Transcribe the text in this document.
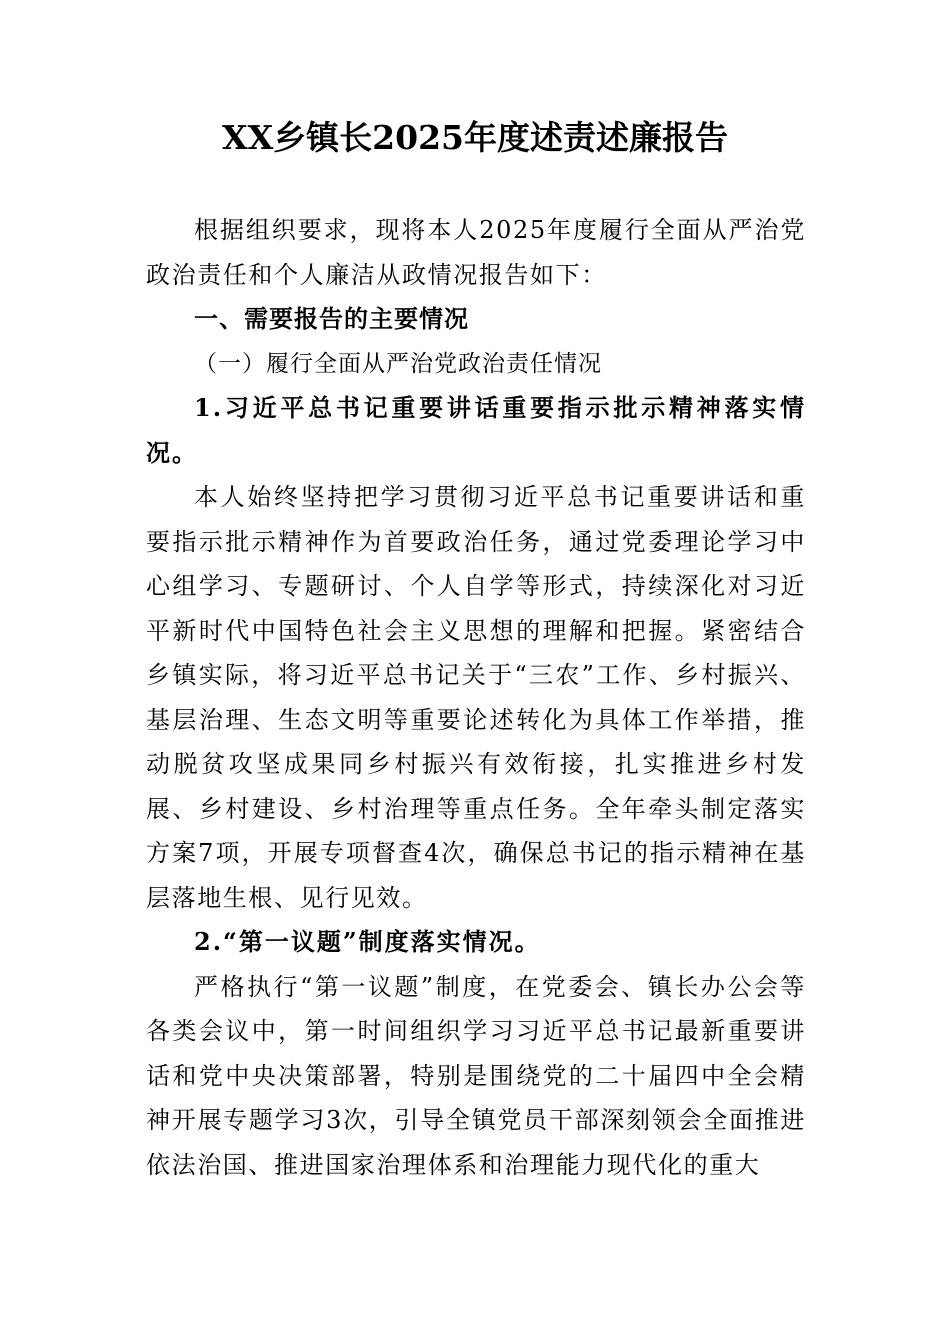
XX乡镇长2025年度述责述廉报告

根据组织要求，现将本人2025年度履行全面从严治党政治责任和个人廉洁从政情况报告如下：

一、需要报告的主要情况

（一）履行全面从严治党政治责任情况

1.习近平总书记重要讲话重要指示批示精神落实情况。

本人始终坚持把学习贯彻习近平总书记重要讲话和重要指示批示精神作为首要政治任务，通过党委理论学习中心组学习、专题研讨、个人自学等形式，持续深化对习近平新时代中国特色社会主义思想的理解和把握。紧密结合乡镇实际，将习近平总书记关于“三农”工作、乡村振兴、基层治理、生态文明等重要论述转化为具体工作举措，推动脱贫攻坚成果同乡村振兴有效衔接，扎实推进乡村发展、乡村建设、乡村治理等重点任务。全年牵头制定落实方案7项，开展专项督查4次，确保总书记的指示精神在基层落地生根、见行见效。

2.“第一议题”制度落实情况。

严格执行“第一议题”制度，在党委会、镇长办公会等各类会议中，第一时间组织学习习近平总书记最新重要讲话和党中央决策部署，特别是围绕党的二十届四中全会精神开展专题学习3次，引导全镇党员干部深刻领会全面推进依法治国、推进国家治理体系和治理能力现代化的重大
